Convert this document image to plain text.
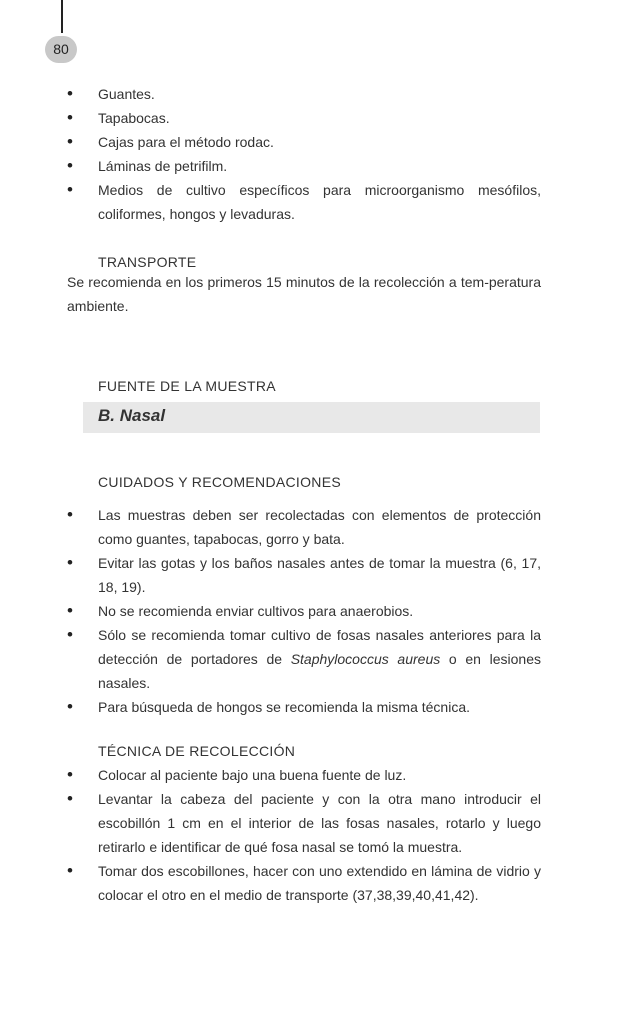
80
• Guantes.
• Tapabocas.
• Cajas para el método rodac.
• Láminas de petrifilm.
• Medios de cultivo específicos para microorganismo mesófilos, coliformes, hongos y levaduras.
TRANSPORTE
Se recomienda en los primeros 15 minutos de la recolección a tem-peratura ambiente.
FUENTE DE LA MUESTRA
B. Nasal
CUIDADOS Y RECOMENDACIONES
• Las muestras deben ser recolectadas con elementos de protección como guantes, tapabocas, gorro y bata.
• Evitar las gotas y los baños nasales antes de tomar la muestra (6, 17, 18, 19).
• No se recomienda enviar cultivos para anaerobios.
• Sólo se recomienda tomar cultivo de fosas nasales anteriores para la detección de portadores de Staphylococcus aureus o en lesiones nasales.
• Para búsqueda de hongos se recomienda la misma técnica.
TÉCNICA DE RECOLECCIÓN
• Colocar al paciente bajo una buena fuente de luz.
• Levantar la cabeza del paciente y con la otra mano introducir el escobillón 1 cm en el interior de las fosas nasales, rotarlo y luego retirarlo e identificar de qué fosa nasal se tomó la muestra.
• Tomar dos escobillones, hacer con uno extendido en lámina de vidrio y colocar el otro en el medio de transporte (37,38,39,40,41,42).
